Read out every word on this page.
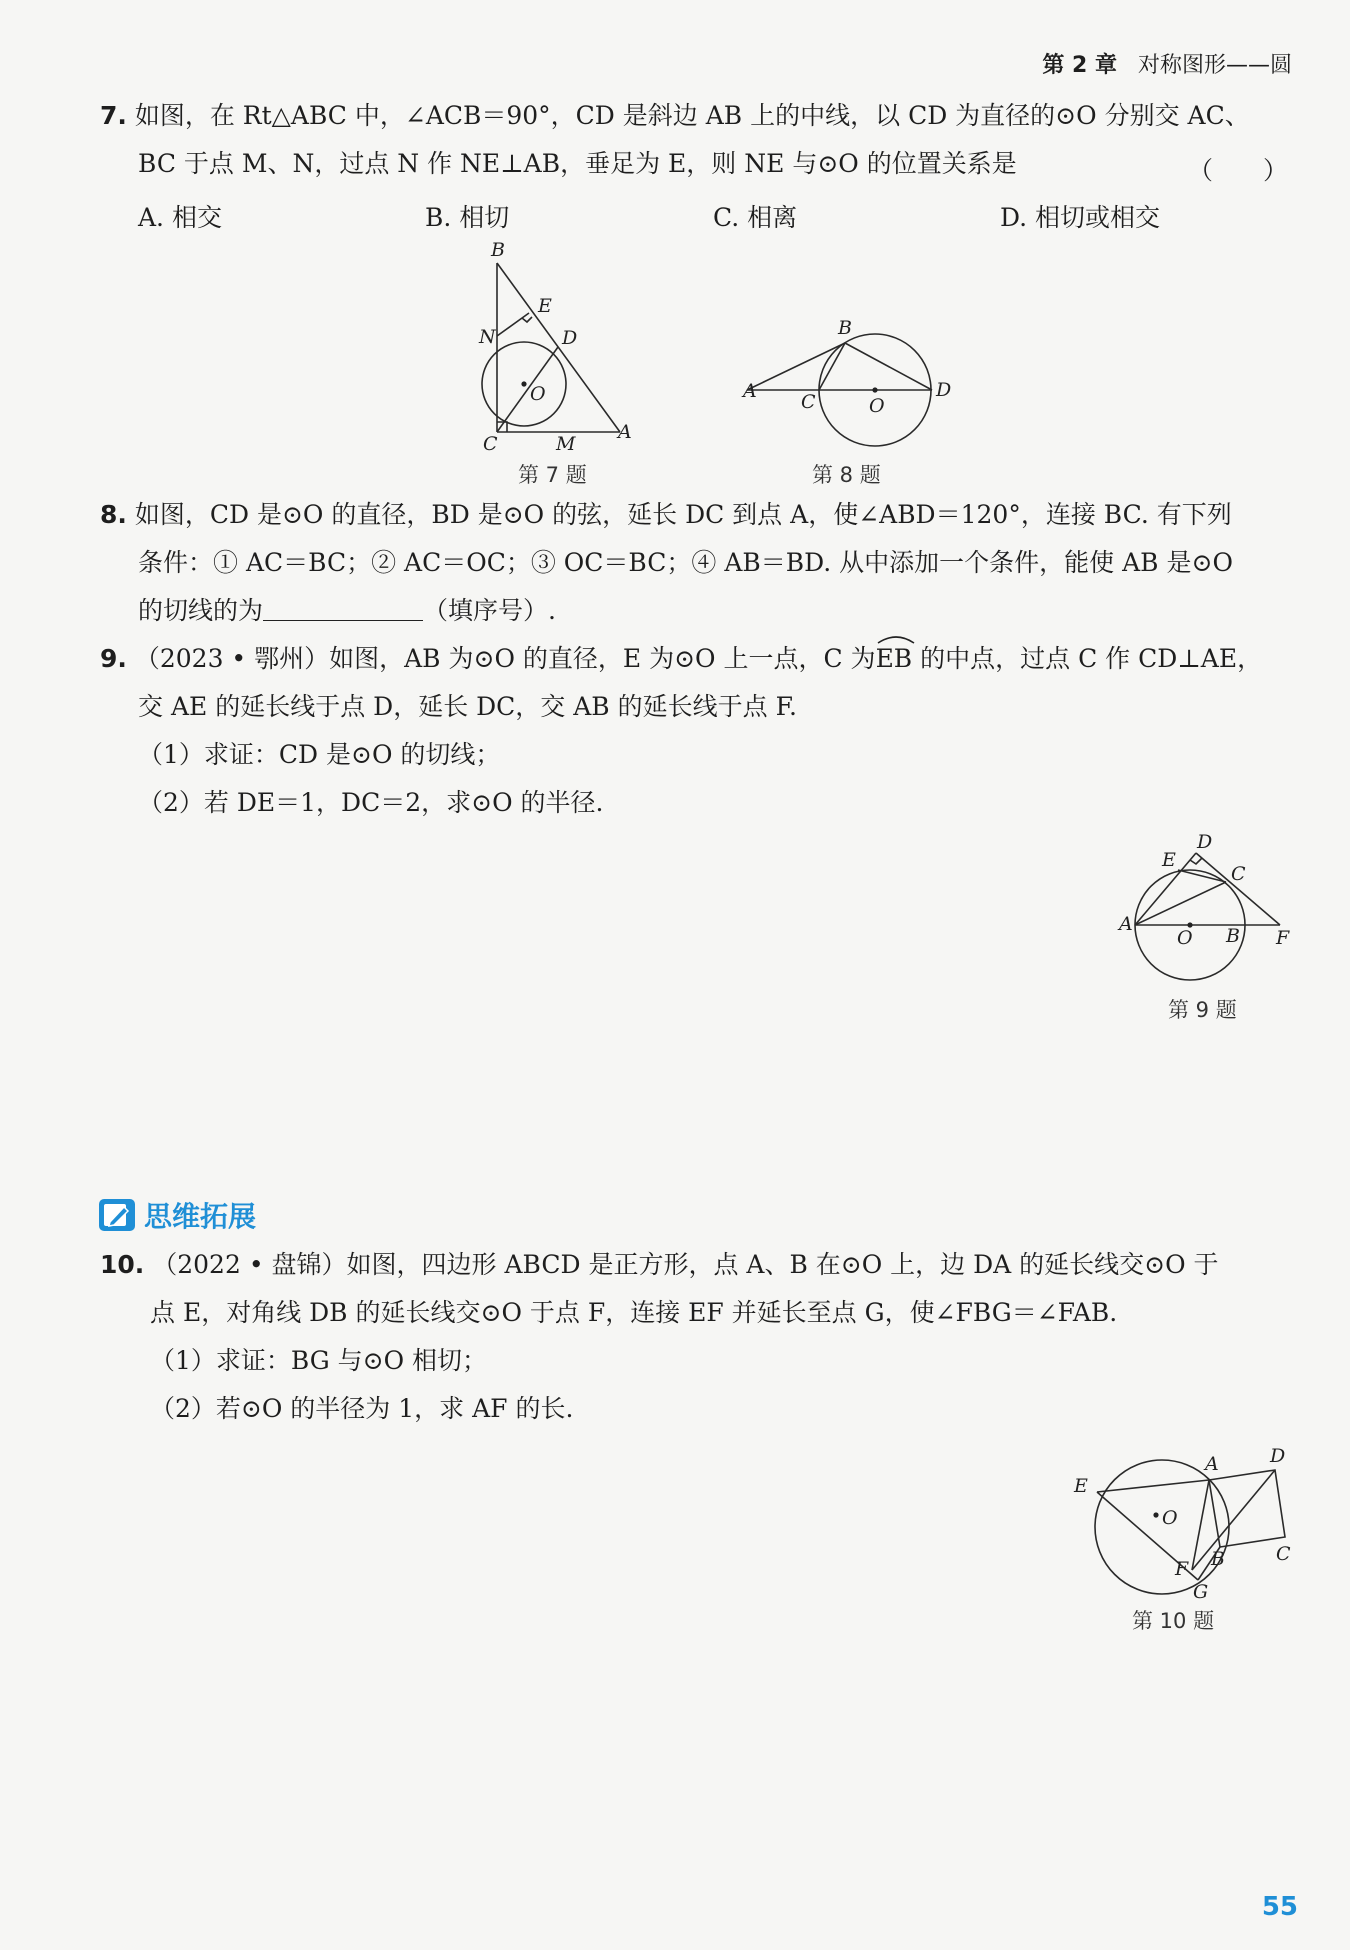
第 2 章 对称图形——圆
7. 如图，在 Rt△ABC 中，∠ACB＝90°，CD 是斜边 AB 上的中线，以 CD 为直径的⊙O 分别交 AC、
BC 于点 M、N，过点 N 作 NE⊥AB，垂足为 E，则 NE 与⊙O 的位置关系是	（　　）
A. 相交	B. 相切	C. 相离	D. 相切或相交
B
E
N	D
O
C	M
A
第 7 题
A
B
C	O
D
第 8 题
8. 如图，CD 是⊙O 的直径，BD 是⊙O 的弦，延长 DC 到点 A，使∠ABD＝120°，连接 BC. 有下列
条件：① AC＝BC；② AC＝OC；③ OC＝BC；④ AB＝BD. 从中添加一个条件，能使 AB 是⊙O
的切线的为	（填序号）.
9. （2023 • 鄂州）如图，AB 为⊙O 的直径，E 为⊙O 上一点，C 为
EB 的中点，过点 C 作 CD⊥AE，
交 AE 的延长线于点 D，延长 DC，交 AB 的延长线于点 F.
（1）求证：CD 是⊙O 的切线；
（2）若 DE＝1，DC＝2，求⊙O 的半径.
E
D
C
A
O B F
第 9 题
思维拓展
10. （2022 • 盘锦）如图，四边形 ABCD 是正方形，点 A、B 在⊙O 上，边 DA 的延长线交⊙O 于
点 E，对角线 DB 的延长线交⊙O 于点 F，连接 EF 并延长至点 G，使∠FBG＝∠FAB.
（1）求证：BG 与⊙O 相切；
（2）若⊙O 的半径为 1，求 AF 的长.
E
A	D
O
C
B
F
G
第 10 题
55
